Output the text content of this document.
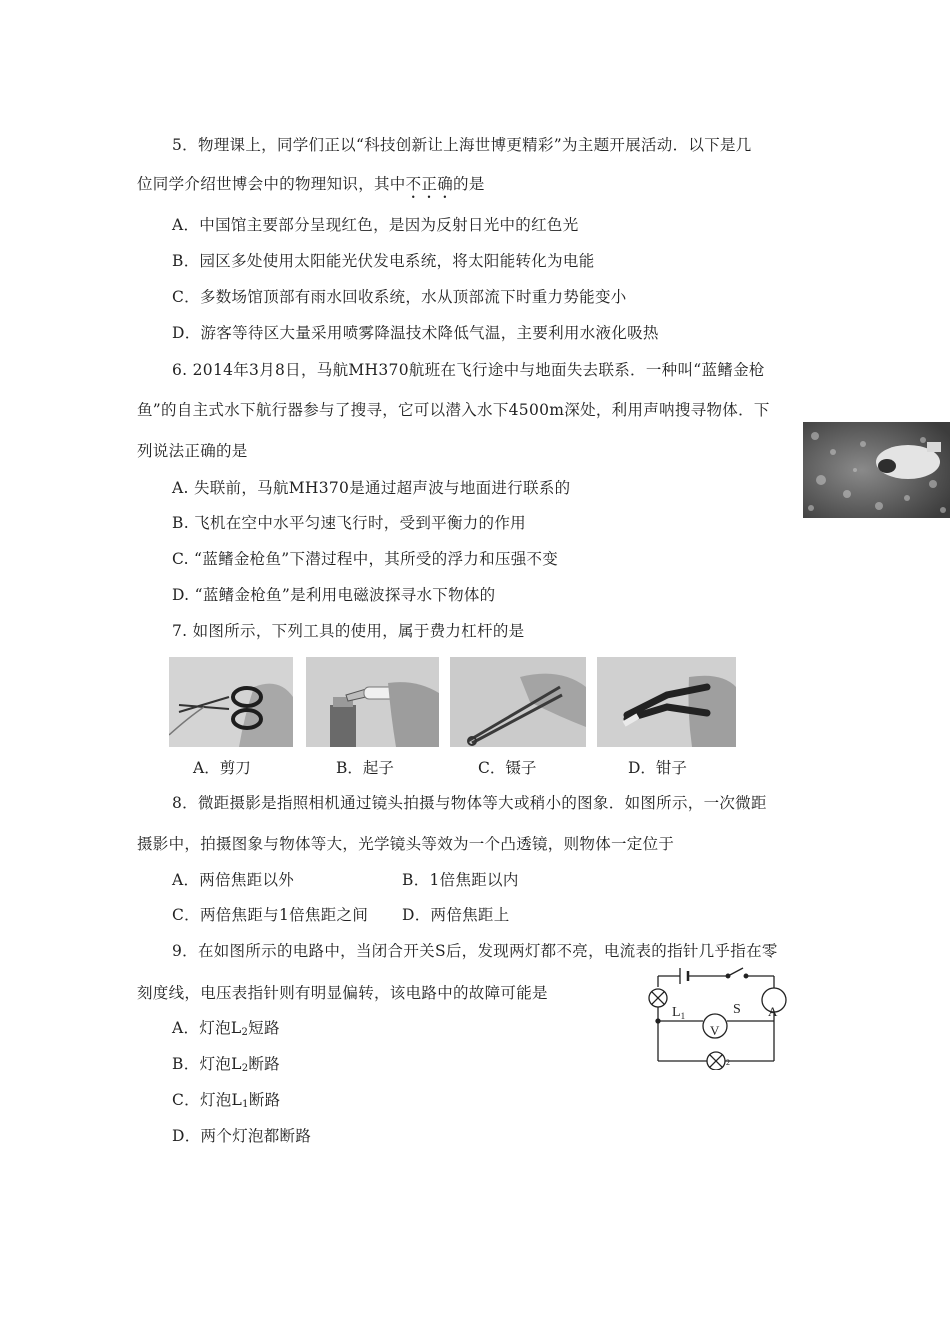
5．物理课上，同学们正以“科技创新让上海世博更精彩”为主题开展活动．以下是几
位同学介绍世博会中的物理知识，其中不正确的是
A．中国馆主要部分呈现红色，是因为反射日光中的红色光
B．园区多处使用太阳能光伏发电系统，将太阳能转化为电能
C．多数场馆顶部有雨水回收系统，水从顶部流下时重力势能变小
D．游客等待区大量采用喷雾降温技术降低气温，主要利用水液化吸热
6. 2014年3月8日，马航MH370航班在飞行途中与地面失去联系．一种叫“蓝鳍金枪
鱼”的自主式水下航行器参与了搜寻，它可以潜入水下4500m深处，利用声呐搜寻物体．下
列说法正确的是
A. 失联前，马航MH370是通过超声波与地面进行联系的
B. 飞机在空中水平匀速飞行时，受到平衡力的作用
C. “蓝鳍金枪鱼”下潜过程中，其所受的浮力和压强不变
D. “蓝鳍金枪鱼”是利用电磁波探寻水下物体的
7. 如图所示，下列工具的使用，属于费力杠杆的是
A．剪刀	B．起子	C．镊子	D．钳子
8．微距摄影是指照相机通过镜头拍摄与物体等大或稍小的图象．如图所示，一次微距
摄影中，拍摄图象与物体等大，光学镜头等效为一个凸透镜，则物体一定位于
A．两倍焦距以外	B．1倍焦距以内
C．两倍焦距与1倍焦距之间 D．两倍焦距上
9．在如图所示的电路中，当闭合开关S后，发现两灯都不亮，电流表的指针几乎指在零
刻度线，电压表指针则有明显偏转，该电路中的故障可能是
A．灯泡$L_2$短路
B．灯泡$L_2$断路
C．灯泡$L_1$断路
D．两个灯泡都断路
$L_1$	S
V
A
2
